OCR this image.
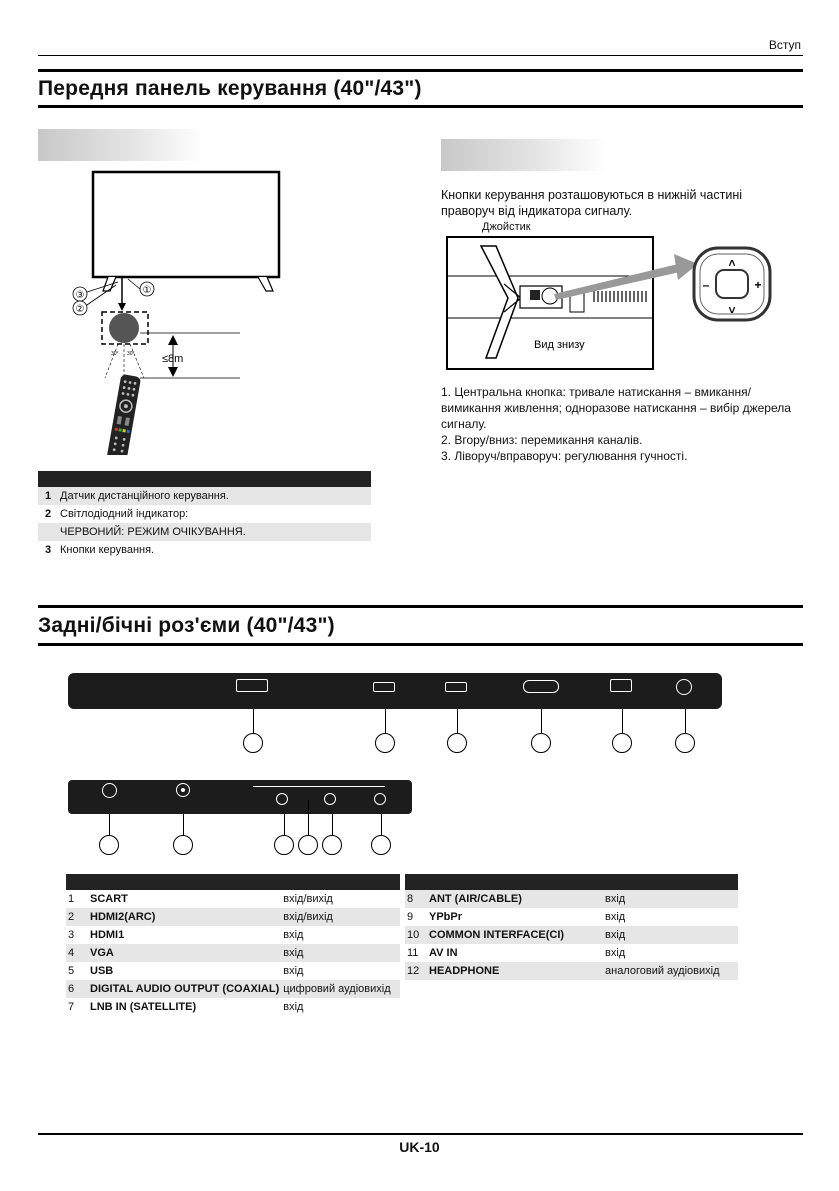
Вступ
Передня панель керування (40"/43")
①
③
②
≤8m
30° 30°
Кнопки керування розташовуються в нижній частині праворуч від індикатора сигналу.
Джойстик
Вид знизу
˄
˅
–	+
1. Центральна кнопка: тривале натискання – вмикання/вимикання живлення; одноразове натискання – вибір джерела сигналу.
2. Вгору/вниз: перемикання каналів.
3. Ліворуч/вправоруч: регулювання гучності.

1	Датчик дистанційного керування.
2	Світлодіодний індикатор:
	ЧЕРВОНИЙ: РЕЖИМ ОЧІКУВАННЯ.
3	Кнопки керування.
Задні/бічні роз'єми (40"/43")

1	SCART	вхід/вихід
2	HDMI2(ARC)	вхід/вихід
3	HDMI1	вхід
4	VGA	вхід
5	USB	вхід
6	DIGITAL AUDIO OUTPUT (COAXIAL)	цифровий аудіовихід
7	LNB IN (SATELLITE)	вхід

8	ANT (AIR/CABLE)	вхід
9	YPbPr	вхід
10	COMMON INTERFACE(CI)	вхід
11	AV IN	вхід
12	HEADPHONE	аналоговий аудіовихід
UK-10
